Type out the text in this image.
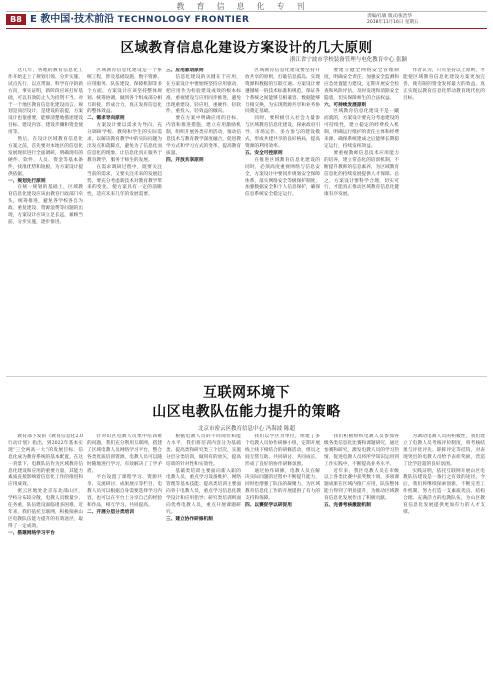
教育信息化专刊
B8 E 教中国·技术前沿 TECHNOLOGY FRONTIER	责编/孔敏 版式/张治华
2018年11月16日 星期五
区域教育信息化建设方案设计的几大原则
浙江省宁波市学校装备管理与电化教育中心 张颖

这几年，各地的教育信息化工作开始走上了规划引领、分步实施、试点先行、以点带面、科学有序的新方向，事实证明，新阶段应该打好基础，可以有效防止人为投资不当。对于一个地区教育信息化建设而言，规划是顶层设计，是建设的前提，方案设计也很重要，能够清楚地描述建设目标、建设内容、建设步骤和资金使用等。

然后，在设计区域教育信息化方案之前，首先要对本地区的信息化发展现状进行全面调研，明确现有的硬件、软件、人员、资金等基本条件，找准优势和短板，为方案设计提供依据。

一、规划先行原则

在统一规划的基础上，区域教育信息化建设应该由教育行政部门牵头，统筹推进，避免各学校各自为政、重复建设、资源浪费等问题的出现，方案设计应该立足长远，兼顾当前，分步实施，逐步推进。

区域教育信息化建设是一个系统工程，涉及基础设施、数字资源、应用服务、队伍建设、保障机制等多个方面，方案设计应该坚持整体规划、统筹协调，做到各个组成部分相互衔接，形成合力，真正发挥信息化的整体效益。

二、需求导向原则

方案设计要以需求为导向，充分调研学校、教师和学生的实际需求，以解决教育教学中的实际问题为出发点和落脚点，避免为了信息化而信息化的现象，让信息化真正服务于教育教学，服务于师生的发展。

在需求调研过程中，既要关注当前的需求，又要关注未来的发展趋势，要充分考虑新技术对教育教学带来的变化，使方案具有一定的前瞻性，适应未来几年的发展需要。

三、应用驱动原则

信息化建设的关键在于应用，在方案设计中要始终坚持应用驱动，把应用作为检验建设成效的根本标准，重视建设与应用同步推进，避免出现重建设、轻应用，重硬件、轻软件，重投入、轻效益的倾向。

要在方案中明确应用的目标、内容和推进措施，建立应用激励机制，组织开展各类应用活动，推动信息技术与教育教学深度融合，促进教学方式和学习方式的变革，提高教育质量。

四、开放共享原则

区域教育信息化建设要坚持开放共享的原则，打破信息孤岛，实现资源和数据的互联互通。方案设计要遵循统一的技术标准和规范，保证各个系统之间能够互相兼容、数据能够互相交换，为实现资源共享和业务协同奠定基础。

同时，要积极引入社会力量参与区域教育信息化建设，探索政府引导、市场运作、多方参与的建设模式，形成共建共享的良好格局，提高资源的利用效率。

五、安全可控原则

在推进区域教育信息化建设的同时，必须高度重视网络与信息安全，方案设计中要同步规划安全保障体系，落实网络安全等级保护制度，加强数据安全和个人信息保护，确保信息系统安全稳定运行。

要建立健全网络安全管理制度，明确安全责任，加强安全监测和应急处置能力建设，定期开展安全检查和风险评估，及时发现和消除安全隐患，切实保障师生的合法权益。

六、可持续发展原则

区域教育信息化建设不是一蹴而就的，方案设计要充分考虑建设的可持续性，建立稳定的经费投入机制，明确运行维护的责任主体和经费来源，确保系统建成之后能够长期稳定运行，持续发挥效益。

要重视教师信息技术应用能力的培养，建立常态化的培训机制，不断提升教师的信息素养，为区域教育信息化的持续发展提供人才保障。总之，方案设计要科学合理，切实可行，才能真正推动区域教育信息化健康有序发展。

作者认为，只有坚持以上原则，才能使区域教育信息化建设方案更加完善，使有限的资金发挥最大的效益，真正实现以教育信息化带动教育现代化的目标。

互联网环境下
山区电教队伍能力提升的策略
北京市密云区教育信息中心 冯海波 陈超

教育部下发的《教育信息化2.0行动计划》指出，到2022年基本实现“三全两高一大”的发展目标，信息化成为教育系统的基本配置。在这一背景下，电教队伍作为区域教育信息化建设和应用的重要力量，其能力素质直接影响着信息化工作的推进和应用成效。

密云区地处北京东北部山区，学校分布较分散，电教人员数量少、任务重，队伍建设面临诸多困难。近年来，我们依托互联网，积极探索山区电教队伍能力提升的有效途径，取得了一定成效。

一、搭建网络学习平台

针对山区电教人员集中培训难的问题，我们充分利用互联网，搭建了区域电教人员网络学习平台，整合各类优质培训资源，电教人员可以随时随地进行学习，有效解决了工学矛盾。

平台设置了课程学习、资源共享、交流研讨、成果展示等栏目，电教人员可以根据自身需要选择学习内容，也可以在平台上分享自己的经验和作品，相互学习，共同提高。

二、开展分层分类培训

根据电教人员的不同岗位和能力水平，我们将培训内容分为基础类、提高类和研究类三个层次，实施分层分类培训，做到有的放矢，提高培训的针对性和实效性。

基础类培训主要面向新入职的电教人员，重点学习设备维护、网络管理等基本技能；提高类培训主要面向骨干电教人员，重点学习信息化教学设计和应用指导；研究类培训则面向优秀电教人员，重点开展课题研究。

三、建立协作研修机制

我们以学区为单位，组建了多个电教人员协作研修小组，定期开展线上线下相结合的研修活动，组员之间互帮互助、共同研讨、共同成长，形成了良好的协作研修氛围。

通过协作研修，电教人员在解决实际问题的过程中不断提升能力，同时也增强了队伍的凝聚力，为区域教育信息化工作的开展提供了有力的支持和保障。

四、以赛促学以研促用

我们积极组织电教人员参加各级各类信息化比赛和课题研究，通过参赛和研究，激发电教人员的学习热情，促进电教人员将所学知识运用到工作实践中，不断提高业务水平。

近年来，我区电教人员在市级以上各类比赛中获奖数十项，多项课题成果在区域内推广应用，队伍整体能力得到了明显提升，为推动区域教育信息化发展作出了积极贡献。

五、完善考核激励机制

为调动电教人员的积极性，我们建立了电教人员考核评价制度，将考核结果与评优评先、职称评定等挂钩，对表现突出的电教人员给予表彰奖励，营造了比学赶超的良好氛围。

实践证明，依托互联网开展山区电教队伍建设是一条行之有效的途径。今后，我们将继续探索创新，不断完善工作机制，努力打造一支素质优良、结构合理、充满活力的电教队伍，为山区教育信息化发展提供更加有力的人才支撑。
